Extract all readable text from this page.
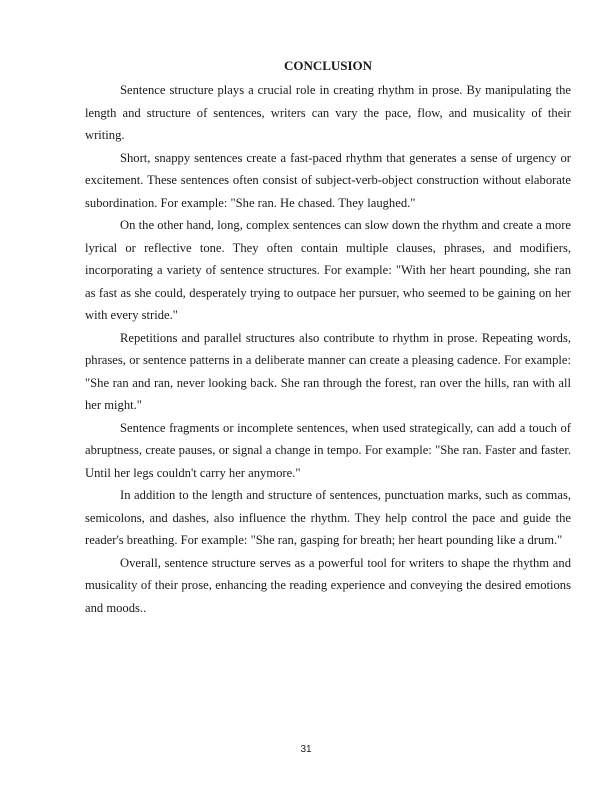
CONCLUSION

Sentence structure plays a crucial role in creating rhythm in prose. By manipulating the length and structure of sentences, writers can vary the pace, flow, and musicality of their writing.

Short, snappy sentences create a fast-paced rhythm that generates a sense of urgency or excitement. These sentences often consist of subject-verb-object construction without elaborate subordination. For example: "She ran. He chased. They laughed."

On the other hand, long, complex sentences can slow down the rhythm and create a more lyrical or reflective tone. They often contain multiple clauses, phrases, and modifiers, incorporating a variety of sentence structures. For example: "With her heart pounding, she ran as fast as she could, desperately trying to outpace her pursuer, who seemed to be gaining on her with every stride."

Repetitions and parallel structures also contribute to rhythm in prose. Repeating words, phrases, or sentence patterns in a deliberate manner can create a pleasing cadence. For example: "She ran and ran, never looking back. She ran through the forest, ran over the hills, ran with all her might."

Sentence fragments or incomplete sentences, when used strategically, can add a touch of abruptness, create pauses, or signal a change in tempo. For example: "She ran. Faster and faster. Until her legs couldn't carry her anymore."

In addition to the length and structure of sentences, punctuation marks, such as commas, semicolons, and dashes, also influence the rhythm. They help control the pace and guide the reader's breathing. For example: "She ran, gasping for breath; her heart pounding like a drum."

Overall, sentence structure serves as a powerful tool for writers to shape the rhythm and musicality of their prose, enhancing the reading experience and conveying the desired emotions and moods..

31
